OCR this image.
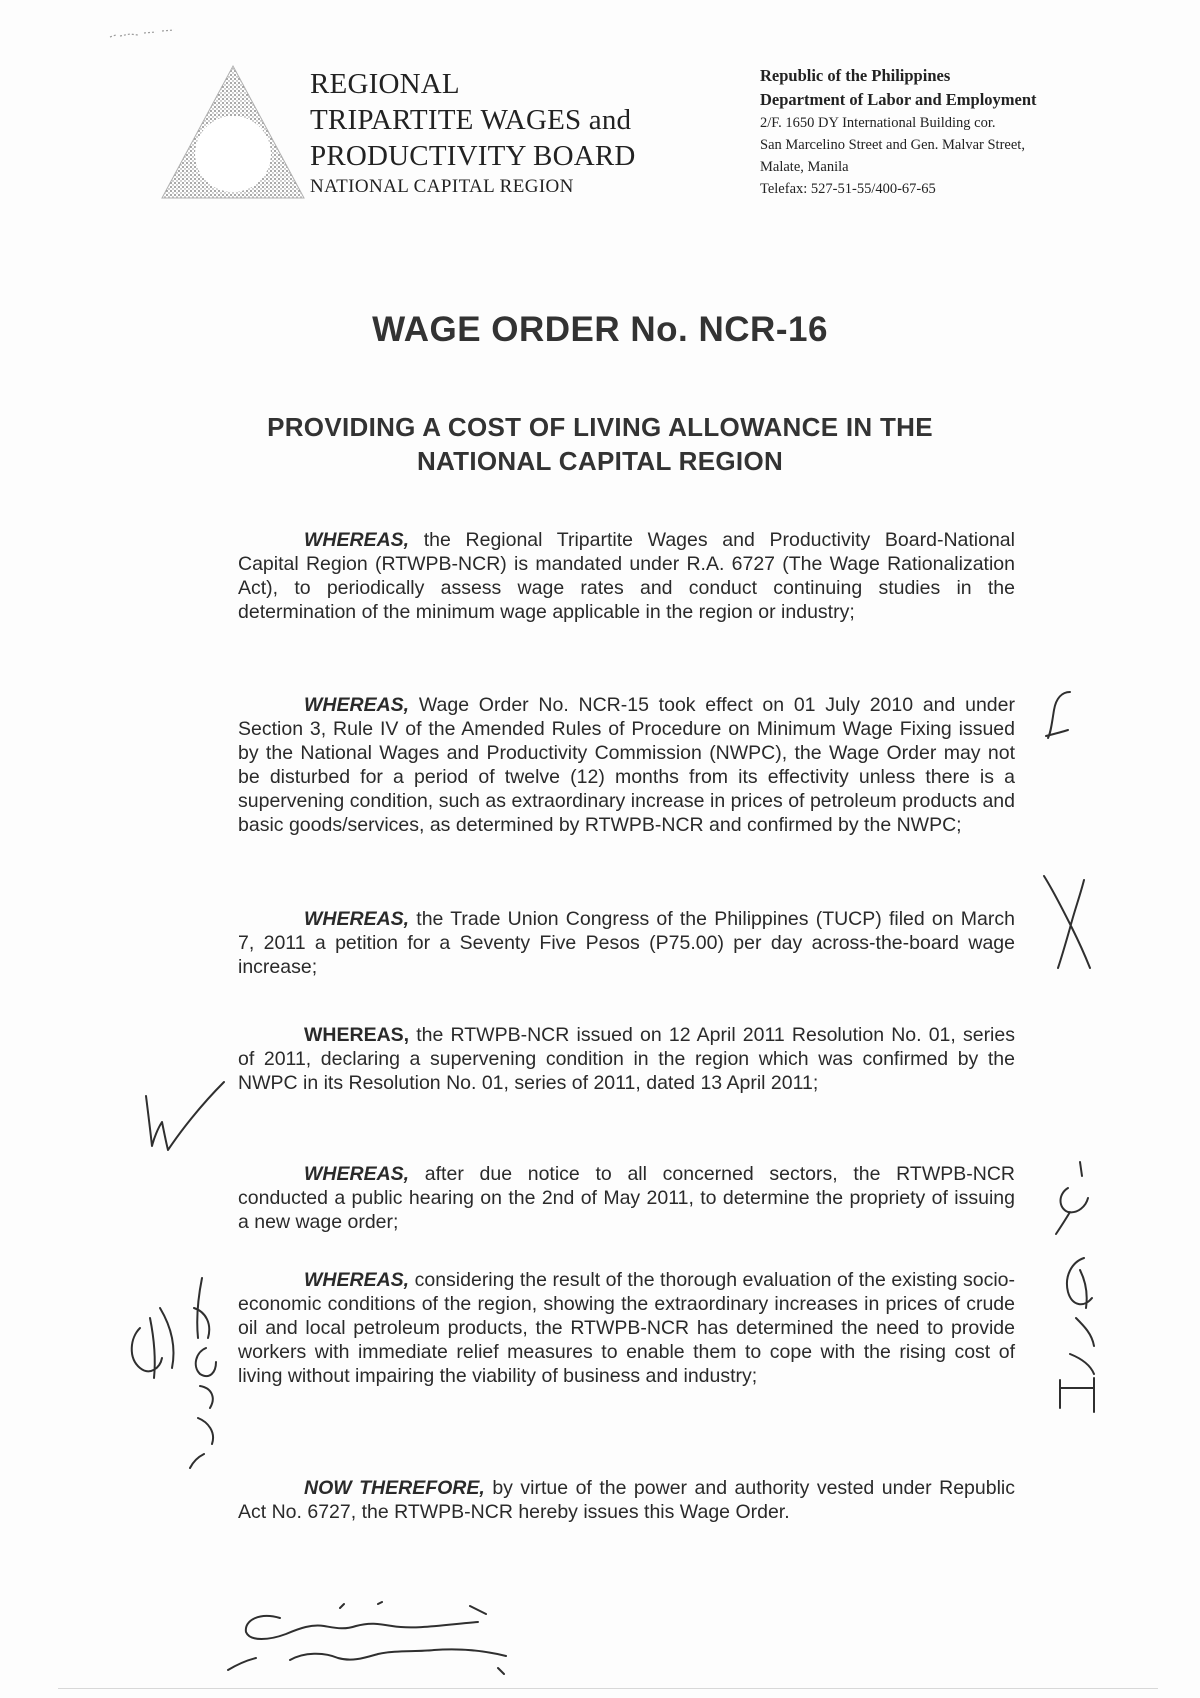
REGIONAL
TRIPARTITE WAGES and
PRODUCTIVITY BOARD
NATIONAL CAPITAL REGION
Republic of the Philippines
Department of Labor and Employment
2/F. 1650 DY International Building cor.
San Marcelino Street and Gen. Malvar Street,
Malate, Manila
Telefax: 527-51-55/400-67-65
WAGE ORDER No. NCR-16
PROVIDING A COST OF LIVING ALLOWANCE IN THE
NATIONAL CAPITAL REGION
WHEREAS, the Regional Tripartite Wages and Productivity Board-National Capital Region (RTWPB-NCR) is mandated under R.A. 6727 (The Wage Rationalization Act), to periodically assess wage rates and conduct continuing studies in the determination of the minimum wage applicable in the region or industry;
WHEREAS, Wage Order No. NCR-15 took effect on 01 July 2010 and under Section 3, Rule IV of the Amended Rules of Procedure on Minimum Wage Fixing issued by the National Wages and Productivity Commission (NWPC), the Wage Order may not be disturbed for a period of twelve (12) months from its effectivity unless there is a supervening condition, such as extraordinary increase in prices of petroleum products and basic goods/services, as determined by RTWPB-NCR and confirmed by the NWPC;
WHEREAS, the Trade Union Congress of the Philippines (TUCP) filed on March 7, 2011 a petition for a Seventy Five Pesos (P75.00) per day across-the-board wage increase;
WHEREAS, the RTWPB-NCR issued on 12 April 2011 Resolution No. 01, series of 2011, declaring a supervening condition in the region which was confirmed by the NWPC in its Resolution No. 01, series of 2011, dated 13 April 2011;
WHEREAS, after due notice to all concerned sectors, the RTWPB-NCR conducted a public hearing on the 2nd of May 2011, to determine the propriety of issuing a new wage order;
WHEREAS, considering the result of the thorough evaluation of the existing socio-economic conditions of the region, showing the extraordinary increases in prices of crude oil and local petroleum products, the RTWPB-NCR has determined the need to provide workers with immediate relief measures to enable them to cope with the rising cost of living without impairing the viability of business and industry;
NOW THEREFORE, by virtue of the power and authority vested under Republic Act No. 6727, the RTWPB-NCR hereby issues this Wage Order.
